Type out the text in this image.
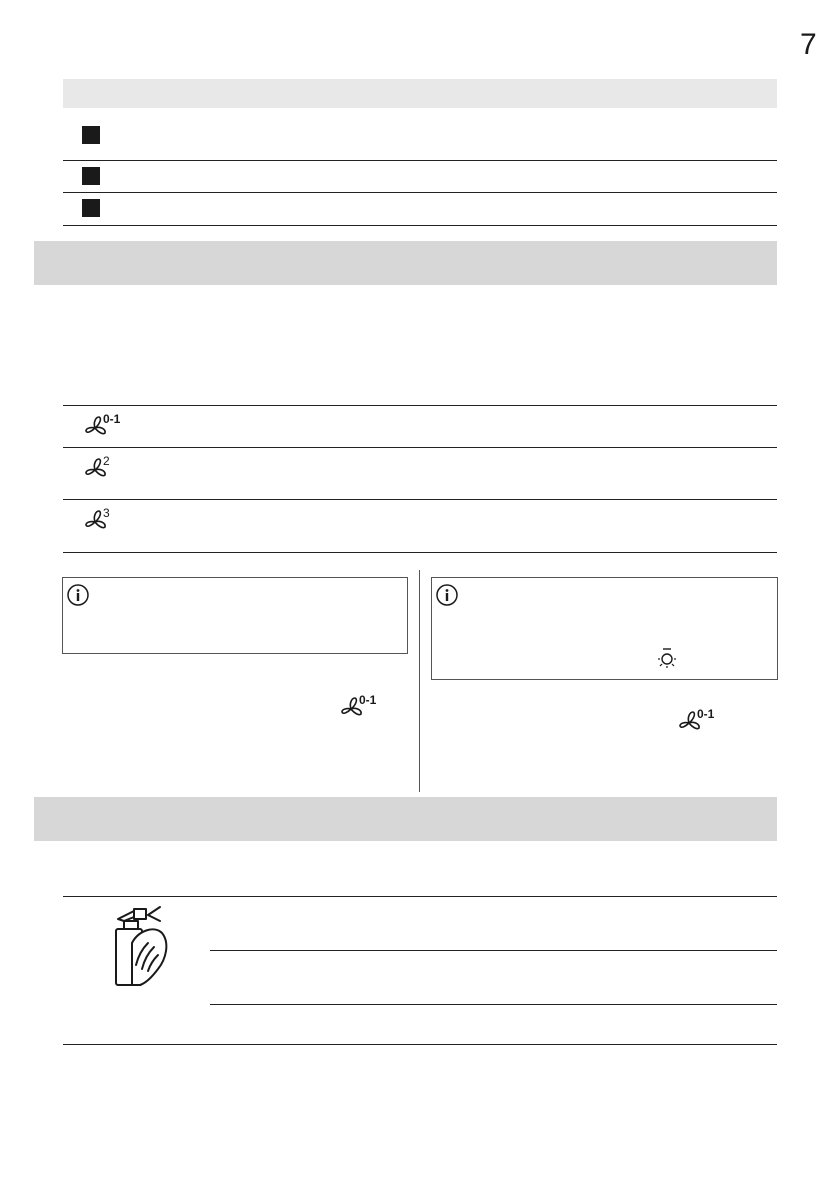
7
0-1
2
3
0-1
0-1
